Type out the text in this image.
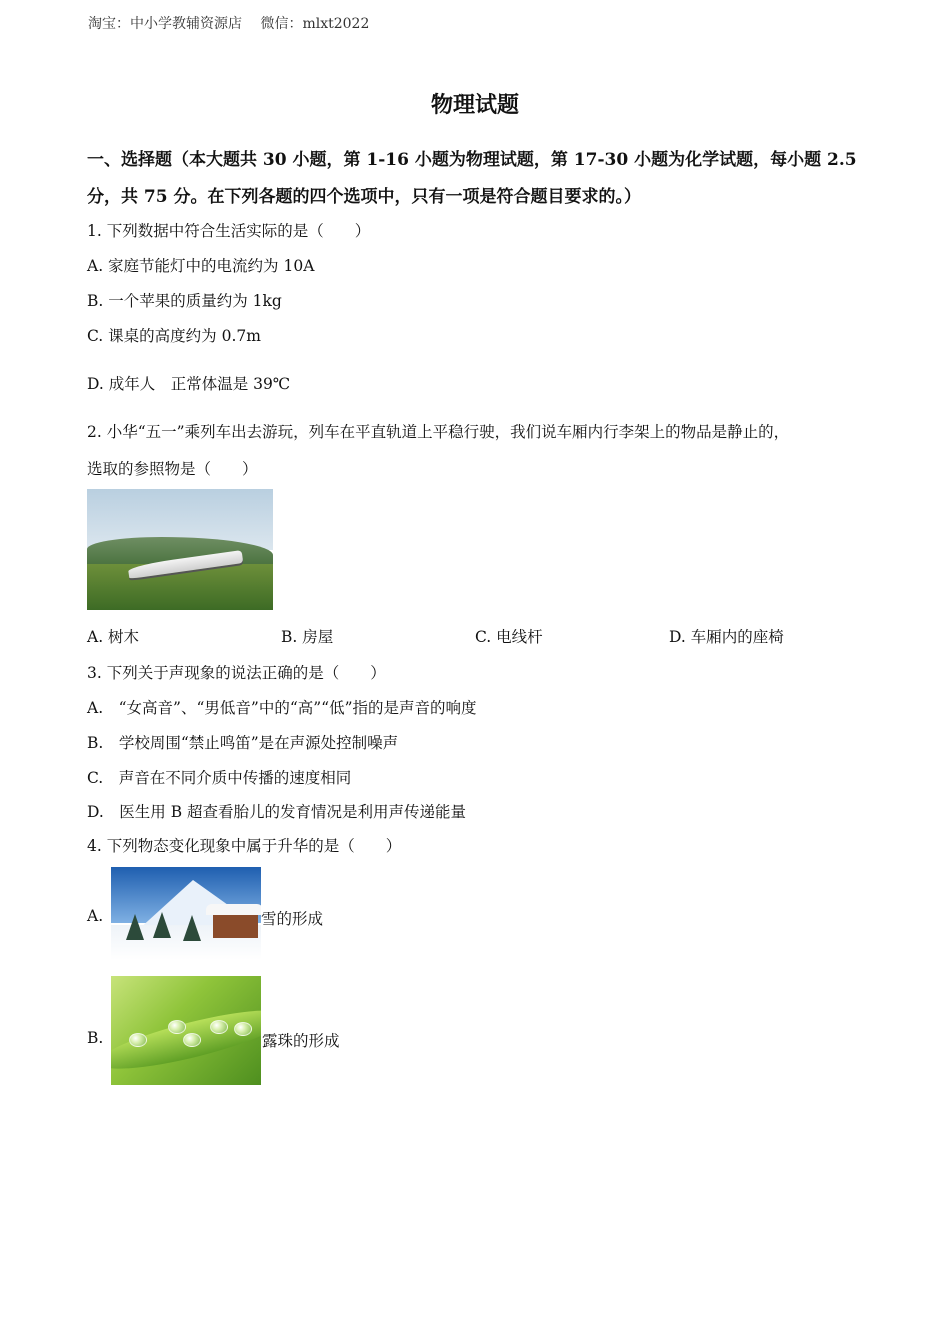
淘宝：中小学教辅资源店 微信：mlxt2022
物理试题
一、选择题（本大题共 30 小题，第 1-16 小题为物理试题，第 17-30 小题为化学试题，每小题 2.5 分，共 75 分。在下列各题的四个选项中，只有一项是符合题目要求的。）
1. 下列数据中符合生活实际的是（　　）
A. 家庭节能灯中的电流约为 10A
B. 一个苹果的质量约为 1kg
C. 课桌的高度约为 0.7m
D. 成年人　正常体温是 39℃
2. 小华“五一”乘列车出去游玩，列车在平直轨道上平稳行驶，我们说车厢内行李架上的物品是静止的，
选取的参照物是（　　）
A. 树木	B. 房屋	C. 电线杆	D. 车厢内的座椅
3. 下列关于声现象的说法正确的是（　　）
A.　“女高音”、“男低音”中的“高”“低”指的是声音的响度
B.　学校周围“禁止鸣笛”是在声源处控制噪声
C.　声音在不同介质中传播的速度相同
D.　医生用 B 超查看胎儿的发育情况是利用声传递能量
4. 下列物态变化现象中属于升华的是（　　）
A.	雪的形成
B.	露珠的形成
